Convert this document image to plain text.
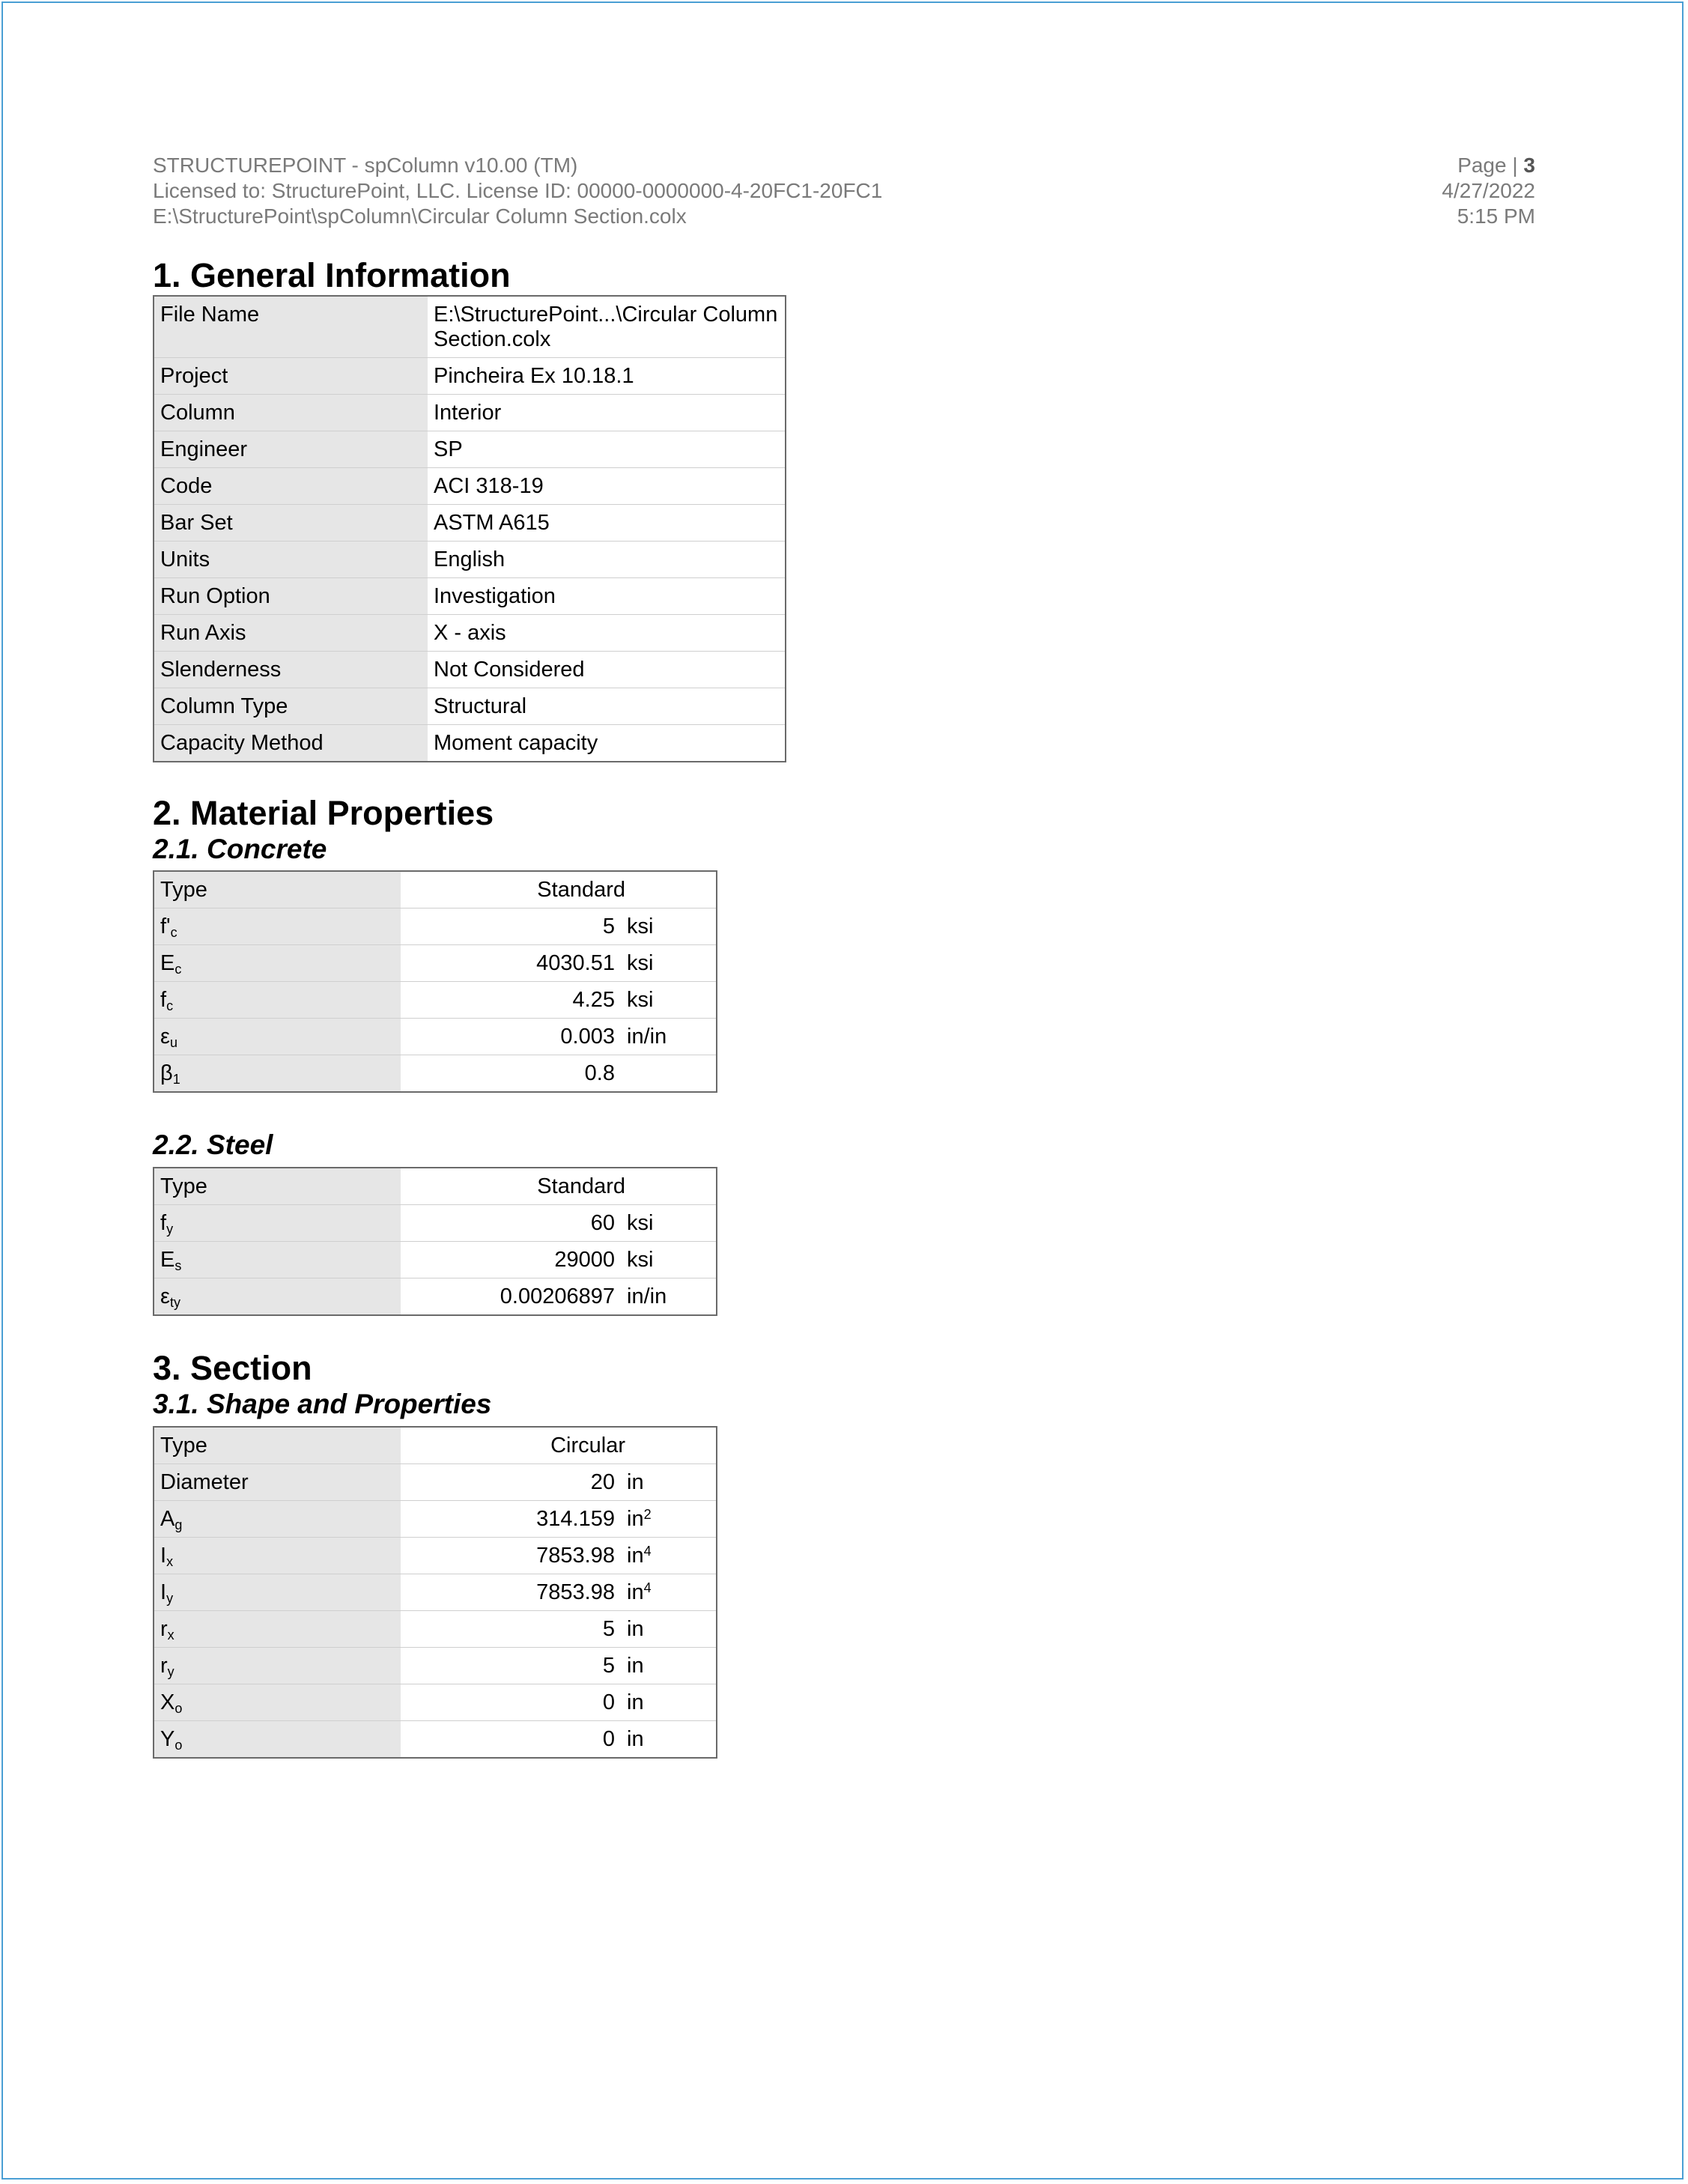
STRUCTUREPOINT - spColumn v10.00 (TM)
Licensed to: StructurePoint, LLC. License ID: 00000-0000000-4-20FC1-20FC1
E:\StructurePoint\spColumn\Circular Column Section.colx
Page | 3
4/27/2022
5:15 PM
1. General Information
File Name	E:\StructurePoint...\Circular Column Section.colx
Project	Pincheira Ex 10.18.1
Column	Interior
Engineer	SP
Code	ACI 318-19
Bar Set	ASTM A615
Units	English
Run Option	Investigation
Run Axis	X - axis
Slenderness	Not Considered
Column Type	Structural
Capacity Method	Moment capacity
2. Material Properties
2.1. Concrete
Type	Standard	
$f'_c$	5	ksi
$E_c$	4030.51	ksi
$f_c$	4.25	ksi
$\varepsilon_u$	0.003	in/in
$\beta_1$	0.8	
2.2. Steel
Type	Standard	
$f_y$	60	ksi
$E_s$	29000	ksi
$\varepsilon_{ty}$	0.00206897	in/in
3. Section
3.1. Shape and Properties
Type	Circular	
Diameter	20	in
$A_g$	314.159	$in^2$
$I_x$	7853.98	$in^4$
$I_y$	7853.98	$in^4$
$r_x$	5	in
$r_y$	5	in
$X_o$	0	in
$Y_o$	0	in
